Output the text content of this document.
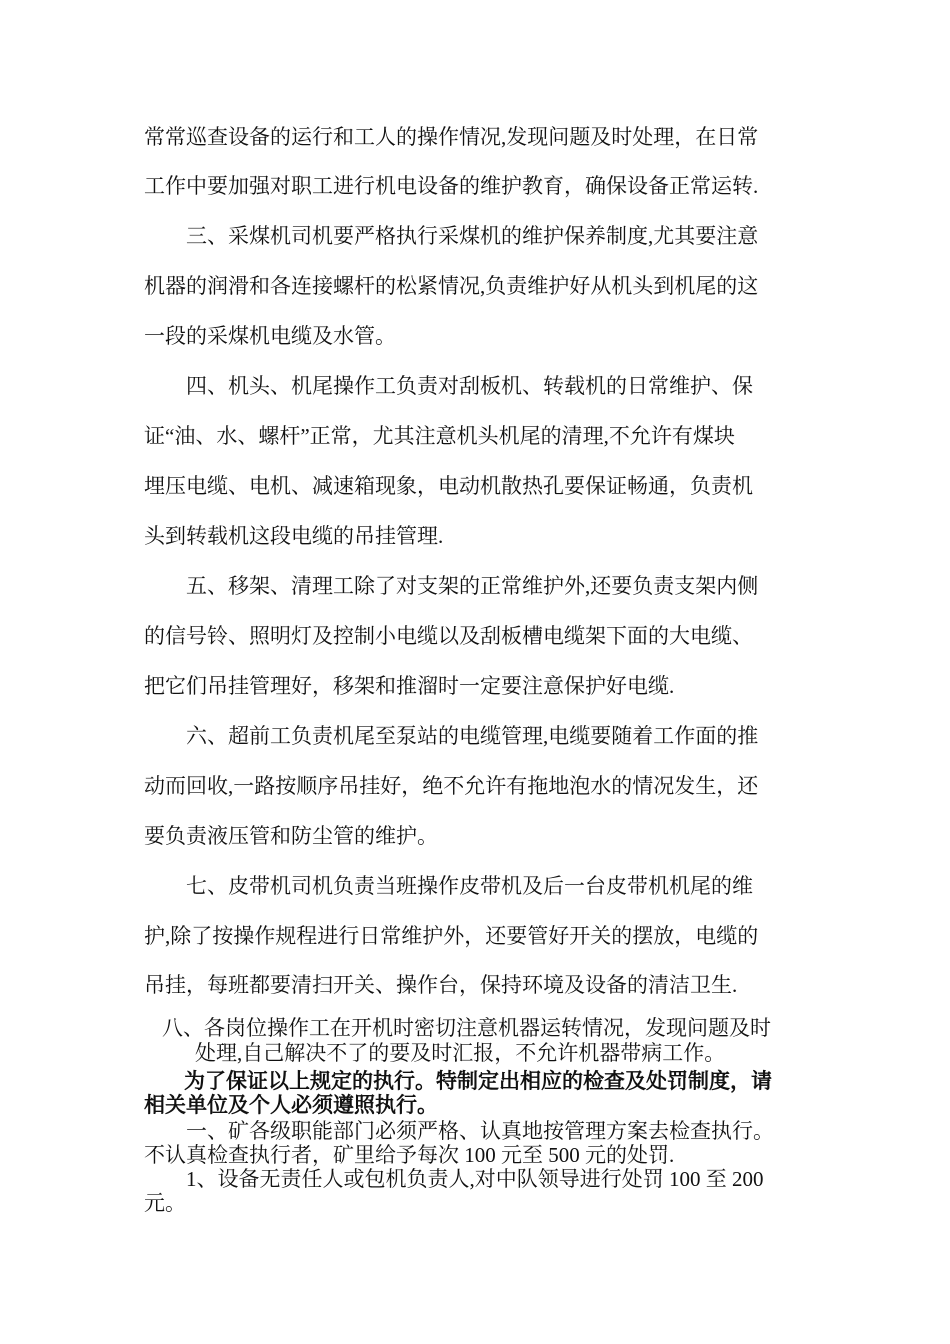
常常巡查设备的运行和工人的操作情况,发现问题及时处理，在日常
工作中要加强对职工进行机电设备的维护教育，确保设备正常运转.
三、采煤机司机要严格执行采煤机的维护保养制度,尤其要注意
机器的润滑和各连接螺杆的松紧情况,负责维护好从机头到机尾的这
一段的采煤机电缆及水管。
四、机头、机尾操作工负责对刮板机、转载机的日常维护、保
证“油、水、螺杆”正常，尤其注意机头机尾的清理,不允许有煤块
埋压电缆、电机、减速箱现象，电动机散热孔要保证畅通，负责机
头到转载机这段电缆的吊挂管理.
五、移架、清理工除了对支架的正常维护外,还要负责支架内侧
的信号铃、照明灯及控制小电缆以及刮板槽电缆架下面的大电缆、
把它们吊挂管理好，移架和推溜时一定要注意保护好电缆.
六、超前工负责机尾至泵站的电缆管理,电缆要随着工作面的推
动而回收,一路按顺序吊挂好，绝不允许有拖地泡水的情况发生，还
要负责液压管和防尘管的维护。
七、皮带机司机负责当班操作皮带机及后一台皮带机机尾的维
护,除了按操作规程进行日常维护外，还要管好开关的摆放，电缆的
吊挂，每班都要清扫开关、操作台，保持环境及设备的清洁卫生.
八、各岗位操作工在开机时密切注意机器运转情况，发现问题及时
处理,自己解决不了的要及时汇报，不允许机器带病工作。
为了保证以上规定的执行。特制定出相应的检查及处罚制度，请
相关单位及个人必须遵照执行。
一、矿各级职能部门必须严格、认真地按管理方案去检查执行。
不认真检查执行者，矿里给予每次 100 元至 500 元的处罚.
1、设备无责任人或包机负责人,对中队领导进行处罚 100 至 200
元。
